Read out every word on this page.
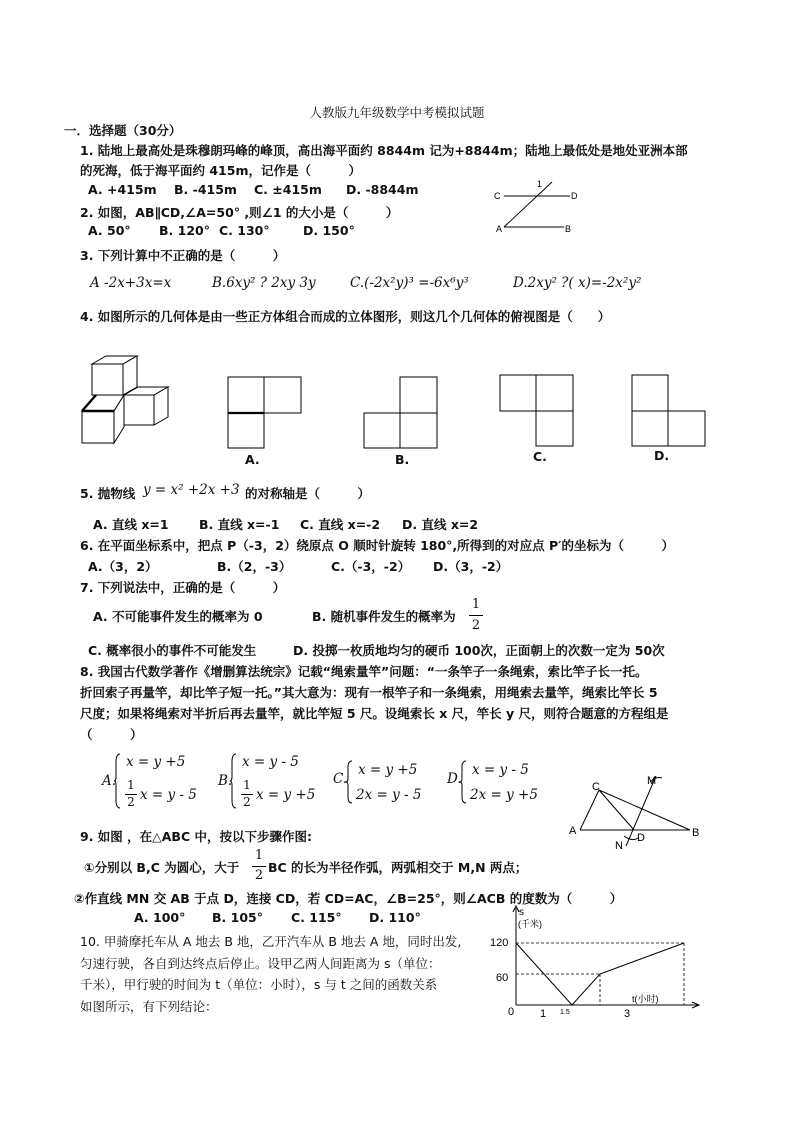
人教版九年级数学中考模拟试题
一．选择题（30分）
1. 陆地上最高处是珠穆朗玛峰的峰顶，高出海平面约 8844m 记为+8844m；陆地上最低处是地处亚洲本部
的死海，低于海平面约 415m，记作是（　　　）
A. +415m B. -415m C. ±415m D. -8844m
2. 如图，AB∥CD,∠A=50° ,则∠1 的大小是（　　　）
A. 50° B. 120° C. 130°	D. 150°
C	D
A	B
1
3. 下列计算中不正确的是（　　　）
A -2x+3x=x	B.6xy² ? 2xy 3y	C.(-2x²y)³ =-6x⁶y³	D.2xy² ?( x)=-2x²y²
4. 如图所示的几何体是由一些正方体组合而成的立体图形，则这几个几何体的俯视图是（　　）
A.	B.	C.	D.
5. 抛物线 y = x² +2x +3 的对称轴是（　　　）
A. 直线 x=1 B. 直线 x=-1 C. 直线 x=-2 D. 直线 x=2
6. 在平面坐标系中，把点 P（-3，2）绕原点 O 顺时针旋转 180°,所得到的对应点 P′的坐标为（　　　）
A.（3，2）	B.（2，-3）	C.（-3，-2） D.（3，-2）
7. 下列说法中，正确的是（　　　）
A. 不可能事件发生的概率为 0	B. 随机事件发生的概率为
1
2
C. 概率很小的事件不可能发生	D. 投掷一枚质地均匀的硬币 100次，正面朝上的次数一定为 50次
8. 我国古代数学著作《增删算法统宗》记载“绳索量竿”问题：“一条竿子一条绳索，索比竿子长一托。
折回索子再量竿，却比竿子短一托。”其大意为：现有一根竿子和一条绳索，用绳索去量竿，绳索比竿长 5
尺度；如果将绳索对半折后再去量竿，就比竿短 5 尺。设绳索长 x 尺，竿长 y 尺，则符合题意的方程组是
（　　　）
A.
x = y +5
1
2 x = y - 5
B.
x = y - 5
1
2 x = y +5
C.
x = y +5
2x = y - 5
D.
x = y - 5
2x = y +5	C	M
A
D	B
N
9. 如图 ，在△ABC 中，按以下步骤作图:
①分别以 B,C 为圆心，大于
1
2
BC 的长为半径作弧，两弧相交于 M,N 两点；
②作直线 MN 交 AB 于点 D，连接 CD，若 CD=AC，∠B=25°，则∠ACB 的度数为（　　　）
A. 100° B. 105° C. 115° D. 110°
10. 甲骑摩托车从 A 地去 B 地，乙开汽车从 B 地去 A 地，同时出发,
匀速行驶，各自到达终点后停止。设甲乙两人间距离为 s（单位：
千米），甲行驶的时间为 t（单位：小时），s 与 t 之间的函数关系
如图所示，有下列结论：
s
(千米)
t(小时)
0
120
60
1 1.5	3
